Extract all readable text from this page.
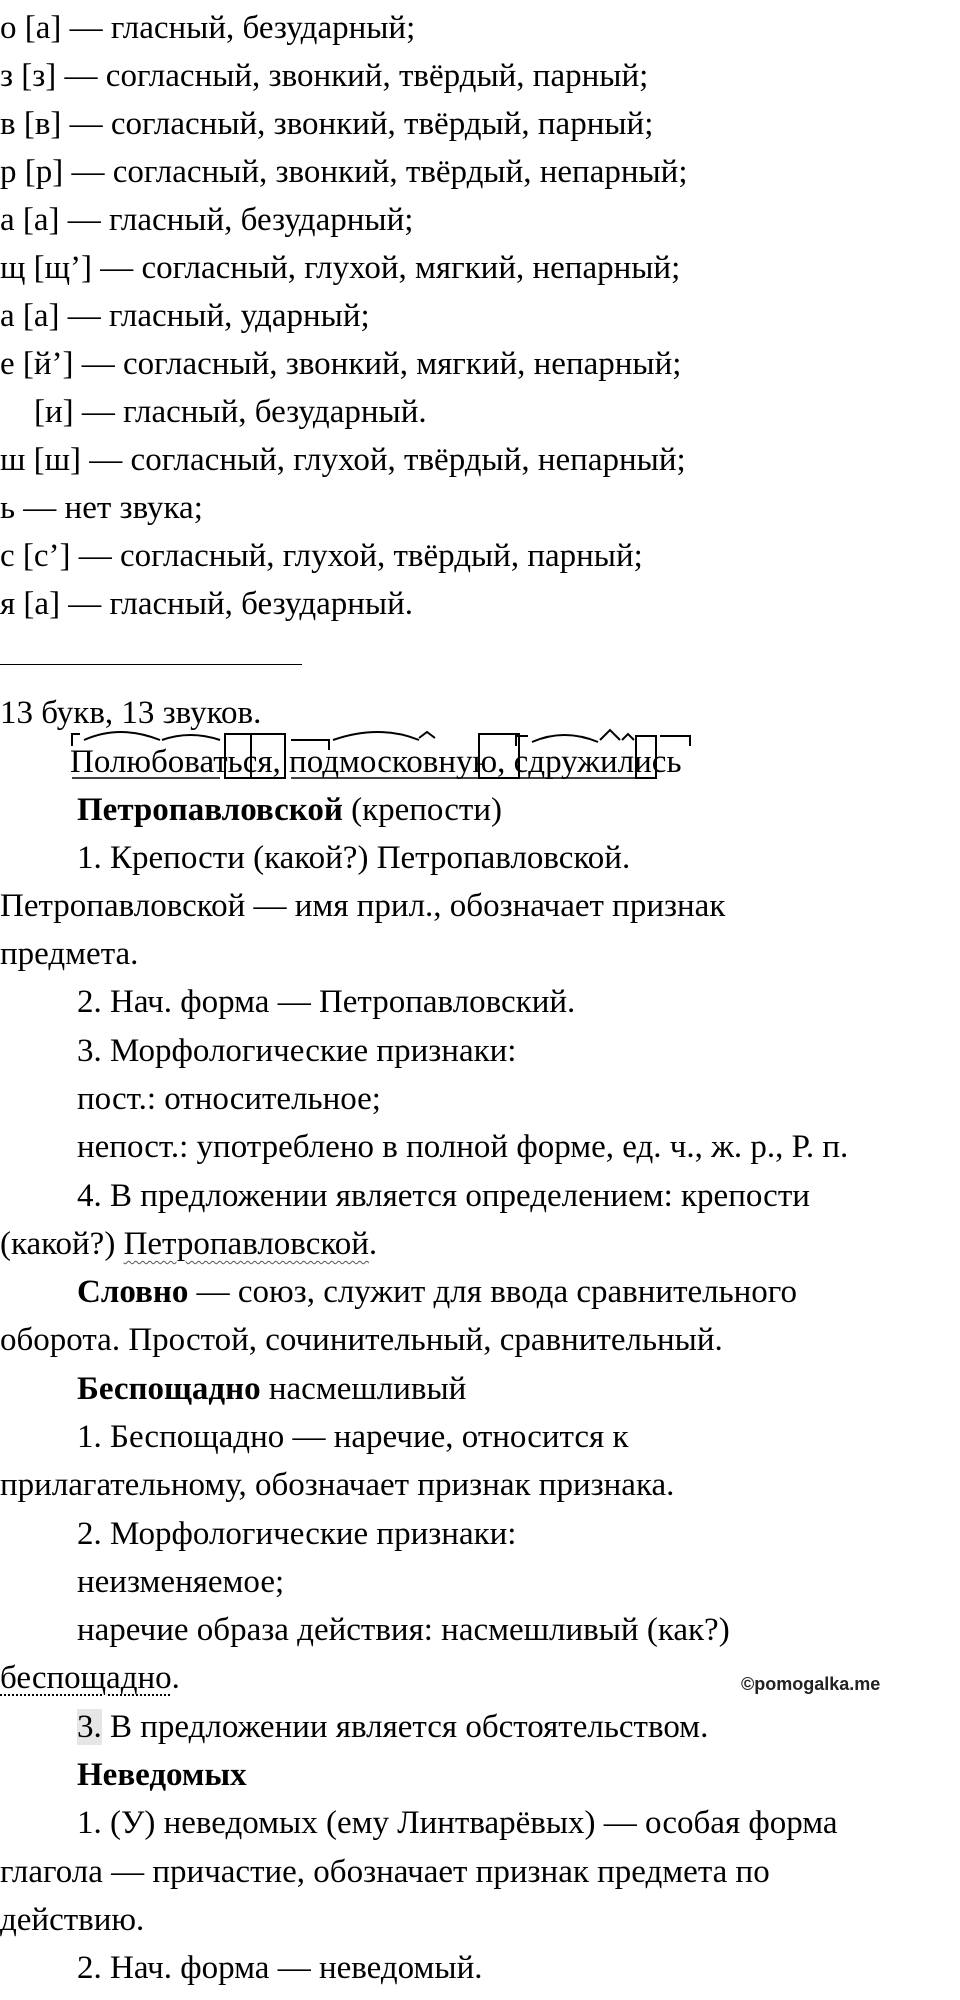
о [а] — гласный, безударный;
з [з] — согласный, звонкий, твёрдый, парный;
в [в] — согласный, звонкий, твёрдый, парный;
р [р] — согласный, звонкий, твёрдый, непарный;
а [а] — гласный, безударный;
щ [щ’] — согласный, глухой, мягкий, непарный;
а [а] — гласный, ударный;
е [й’] — согласный, звонкий, мягкий, непарный;
[и] — гласный, безударный.
ш [ш] — согласный, глухой, твёрдый, непарный;
ь — нет звука;
с [с’] — согласный, глухой, твёрдый, парный;
я [а] — гласный, безударный.
13 букв, 13 звуков.
Полюбоваться,
подмосковную,
сдружились
Петропавловской (крепости)
1. Крепости (какой?) Петропавловской.
Петропавловской — имя прил., обозначает признак
предмета.
2. Нач. форма — Петропавловский.
3. Морфологические признаки:
пост.: относительное;
непост.: употреблено в полной форме, ед. ч., ж. р., Р. п.
4. В предложении является определением: крепости
(какой?) Петропавловской.
Словно — союз, служит для ввода сравнительного
оборота. Простой, сочинительный, сравнительный.
Беспощадно насмешливый
1. Беспощадно — наречие, относится к
прилагательному, обозначает признак признака.
2. Морфологические признаки:
неизменяемое;
наречие образа действия: насмешливый (как?)
беспощадно.	©pomogalka.me
3. В предложении является обстоятельством.
Неведомых
1. (У) неведомых (ему Линтварёвых) — особая форма
глагола — причастие, обозначает признак предмета по
действию.
2. Нач. форма — неведомый.
